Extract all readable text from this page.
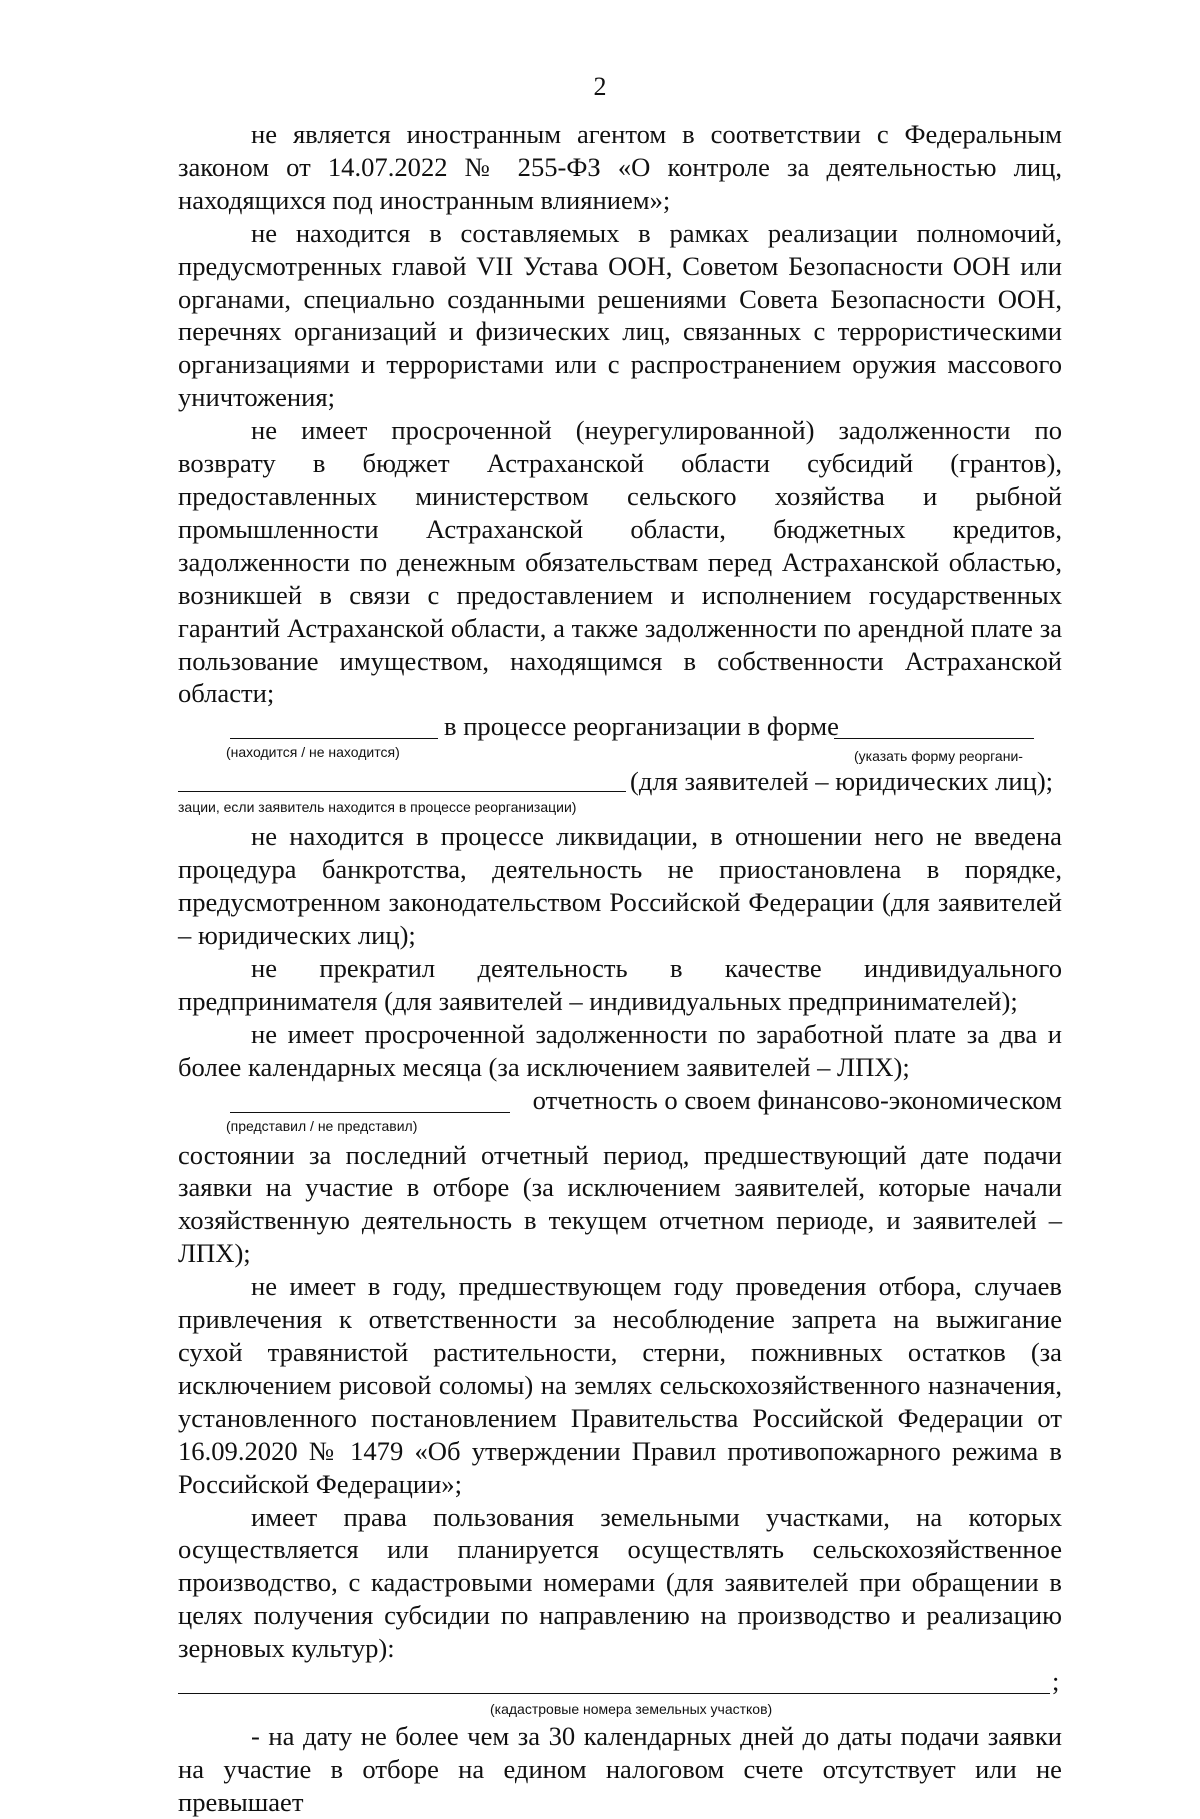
2

не является иностранным агентом в соответствии с Федеральным законом от 14.07.2022 № 255-ФЗ «О контроле за деятельностью лиц, находящихся под иностранным влиянием»;

не находится в составляемых в рамках реализации полномочий, предусмотренных главой VII Устава ООН, Советом Безопасности ООН или органами, специально созданными решениями Совета Безопасности ООН, перечнях организаций и физических лиц, связанных с террористическими организациями и террористами или с распространением оружия массового уничтожения;

не имеет просроченной (неурегулированной) задолженности по возврату в бюджет Астраханской области субсидий (грантов), предоставленных министерством сельского хозяйства и рыбной промышленности Астраханской области, бюджетных кредитов, задолженности по денежным обязательствам перед Астраханской областью, возникшей в связи с предоставлением и исполнением государственных гарантий Астраханской области, а также задолженности по арендной плате за пользование имуществом, находящимся в собственности Астраханской области;

в процессе реорганизации в форме
(находится / не находится)	(указать форму реоргани-
(для заявителей – юридических лиц);
зации, если заявитель находится в процессе реорганизации)

не находится в процессе ликвидации, в отношении него не введена процедура банкротства, деятельность не приостановлена в порядке, предусмотренном законодательством Российской Федерации (для заявителей – юридических лиц);

не прекратил деятельность в качестве индивидуального предпринимателя (для заявителей – индивидуальных предпринимателей);

не имеет просроченной задолженности по заработной плате за два и более календарных месяца (за исключением заявителей – ЛПХ);

отчетность о своем финансово-экономическом
(представил / не представил)

состоянии за последний отчетный период, предшествующий дате подачи заявки на участие в отборе (за исключением заявителей, которые начали хозяйственную деятельность в текущем отчетном периоде, и заявителей – ЛПХ);

не имеет в году, предшествующем году проведения отбора, случаев привлечения к ответственности за несоблюдение запрета на выжигание сухой травянистой растительности, стерни, пожнивных остатков (за исключением рисовой соломы) на землях сельскохозяйственного назначения, установленного постановлением Правительства Российской Федерации от 16.09.2020 № 1479 «Об утверждении Правил противопожарного режима в Российской Федерации»;

имеет права пользования земельными участками, на которых осуществляется или планируется осуществлять сельскохозяйственное производство, с кадастровыми номерами (для заявителей при обращении в целях получения субсидии по направлению на производство и реализацию зерновых культур):

;
(кадастровые номера земельных участков)

- на дату не более чем за 30 календарных дней до даты подачи заявки на участие в отборе на едином налоговом счете отсутствует или не превышает
